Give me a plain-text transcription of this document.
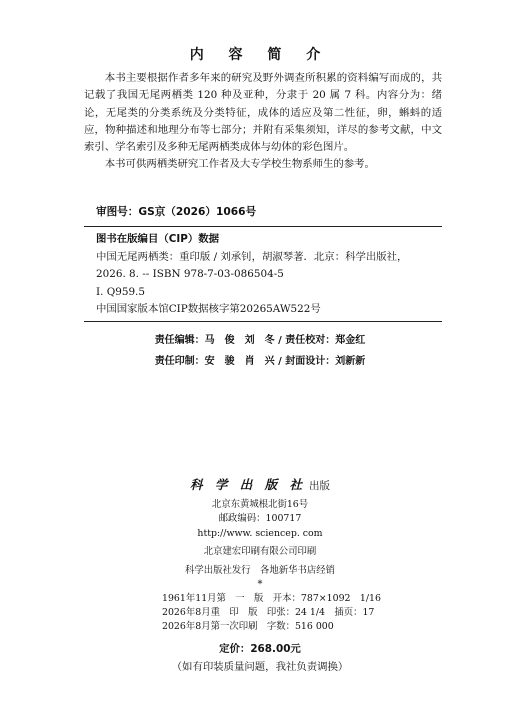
内 容 简 介

本书主要根据作者多年来的研究及野外调查所积累的资料编写而成的，共记载了我国无尾两栖类 120 种及亚种，分隶于 20 属 7 科。内容分为：绪论，无尾类的分类系统及分类特征，成体的适应及第二性征，卵，蝌蚪的适应，物种描述和地理分布等七部分；并附有采集须知，详尽的参考文献，中文索引、学名索引及多种无尾两栖类成体与幼体的彩色图片。

本书可供两栖类研究工作者及大专学校生物系师生的参考。

审图号：GS京（2026）1066号
图书在版编目（CIP）数据
中国无尾两栖类：重印版 / 刘承钊，胡淑琴著．北京：科学出版社，
2026. 8. -- ISBN 978-7-03-086504-5
Ⅰ. Q959.5
中国国家版本馆CIP数据核字第20265AW522号
责任编辑：马　俊　刘　冬 / 责任校对：郑金红
责任印制：安　骏　肖　兴 / 封面设计：刘新新
科 学 出 版 社 出版
北京东黄城根北街16号
邮政编码：100717
http://www. sciencep. com
北京建宏印刷有限公司印刷
科学出版社发行　各地新华书店经销
*
1961年11月第　一　版　开本：787×1092　1/16
2026年8月重　印　版　印张：24 1/4　插页：17
2026年8月第一次印刷　字数：516 000
定价：268.00元
（如有印装质量问题，我社负责调换）
